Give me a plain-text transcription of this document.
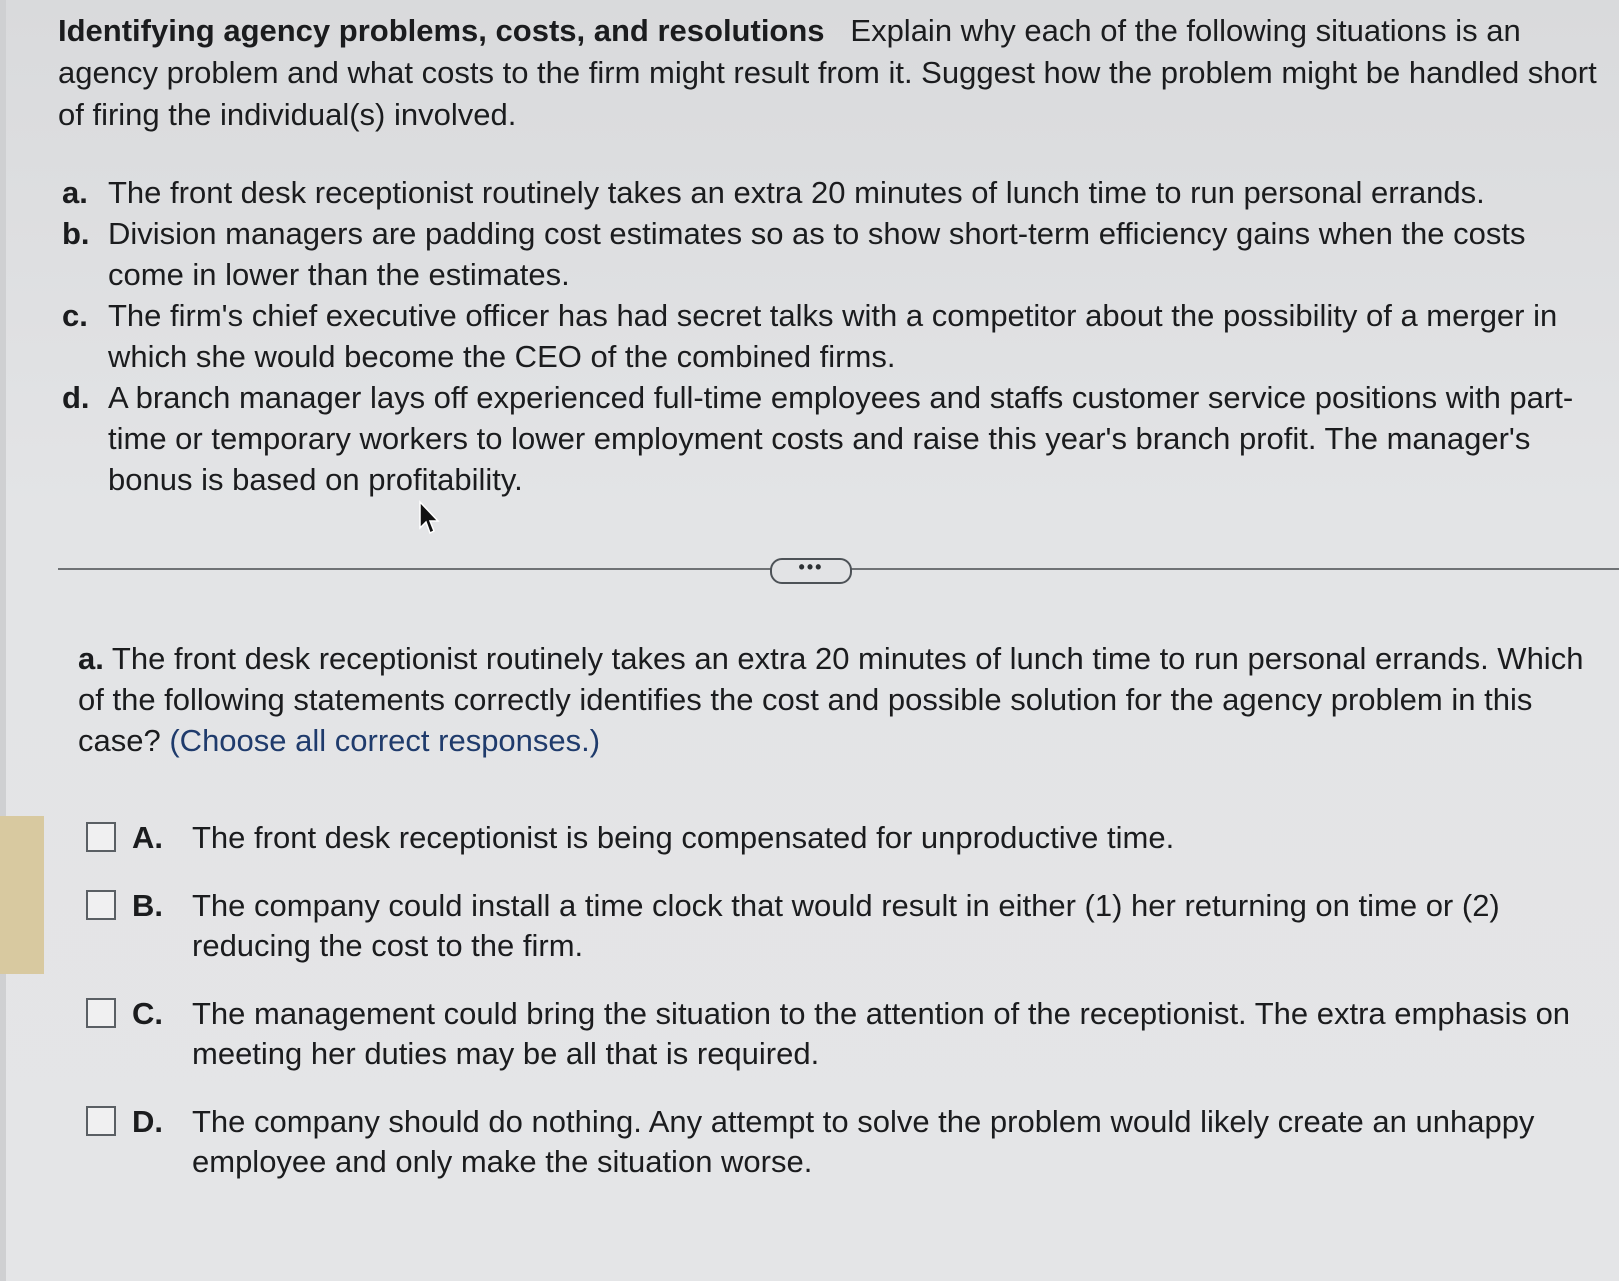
Identifying agency problems, costs, and resolutions Explain why each of the following situations is an agency problem and what costs to the firm might result from it. Suggest how the problem might be handled short of firing the individual(s) involved.
a. The front desk receptionist routinely takes an extra 20 minutes of lunch time to run personal errands.
b. Division managers are padding cost estimates so as to show short-term efficiency gains when the costs come in lower than the estimates.
c. The firm's chief executive officer has had secret talks with a competitor about the possibility of a merger in which she would become the CEO of the combined firms.
d. A branch manager lays off experienced full-time employees and staffs customer service positions with part-time or temporary workers to lower employment costs and raise this year's branch profit. The manager's bonus is based on profitability.
•••
a. The front desk receptionist routinely takes an extra 20 minutes of lunch time to run personal errands. Which of the following statements correctly identifies the cost and possible solution for the agency problem in this case? (Choose all correct responses.)
A. The front desk receptionist is being compensated for unproductive time.
B. The company could install a time clock that would result in either (1) her returning on time or (2) reducing the cost to the firm.
C. The management could bring the situation to the attention of the receptionist. The extra emphasis on meeting her duties may be all that is required.
D. The company should do nothing. Any attempt to solve the problem would likely create an unhappy employee and only make the situation worse.
